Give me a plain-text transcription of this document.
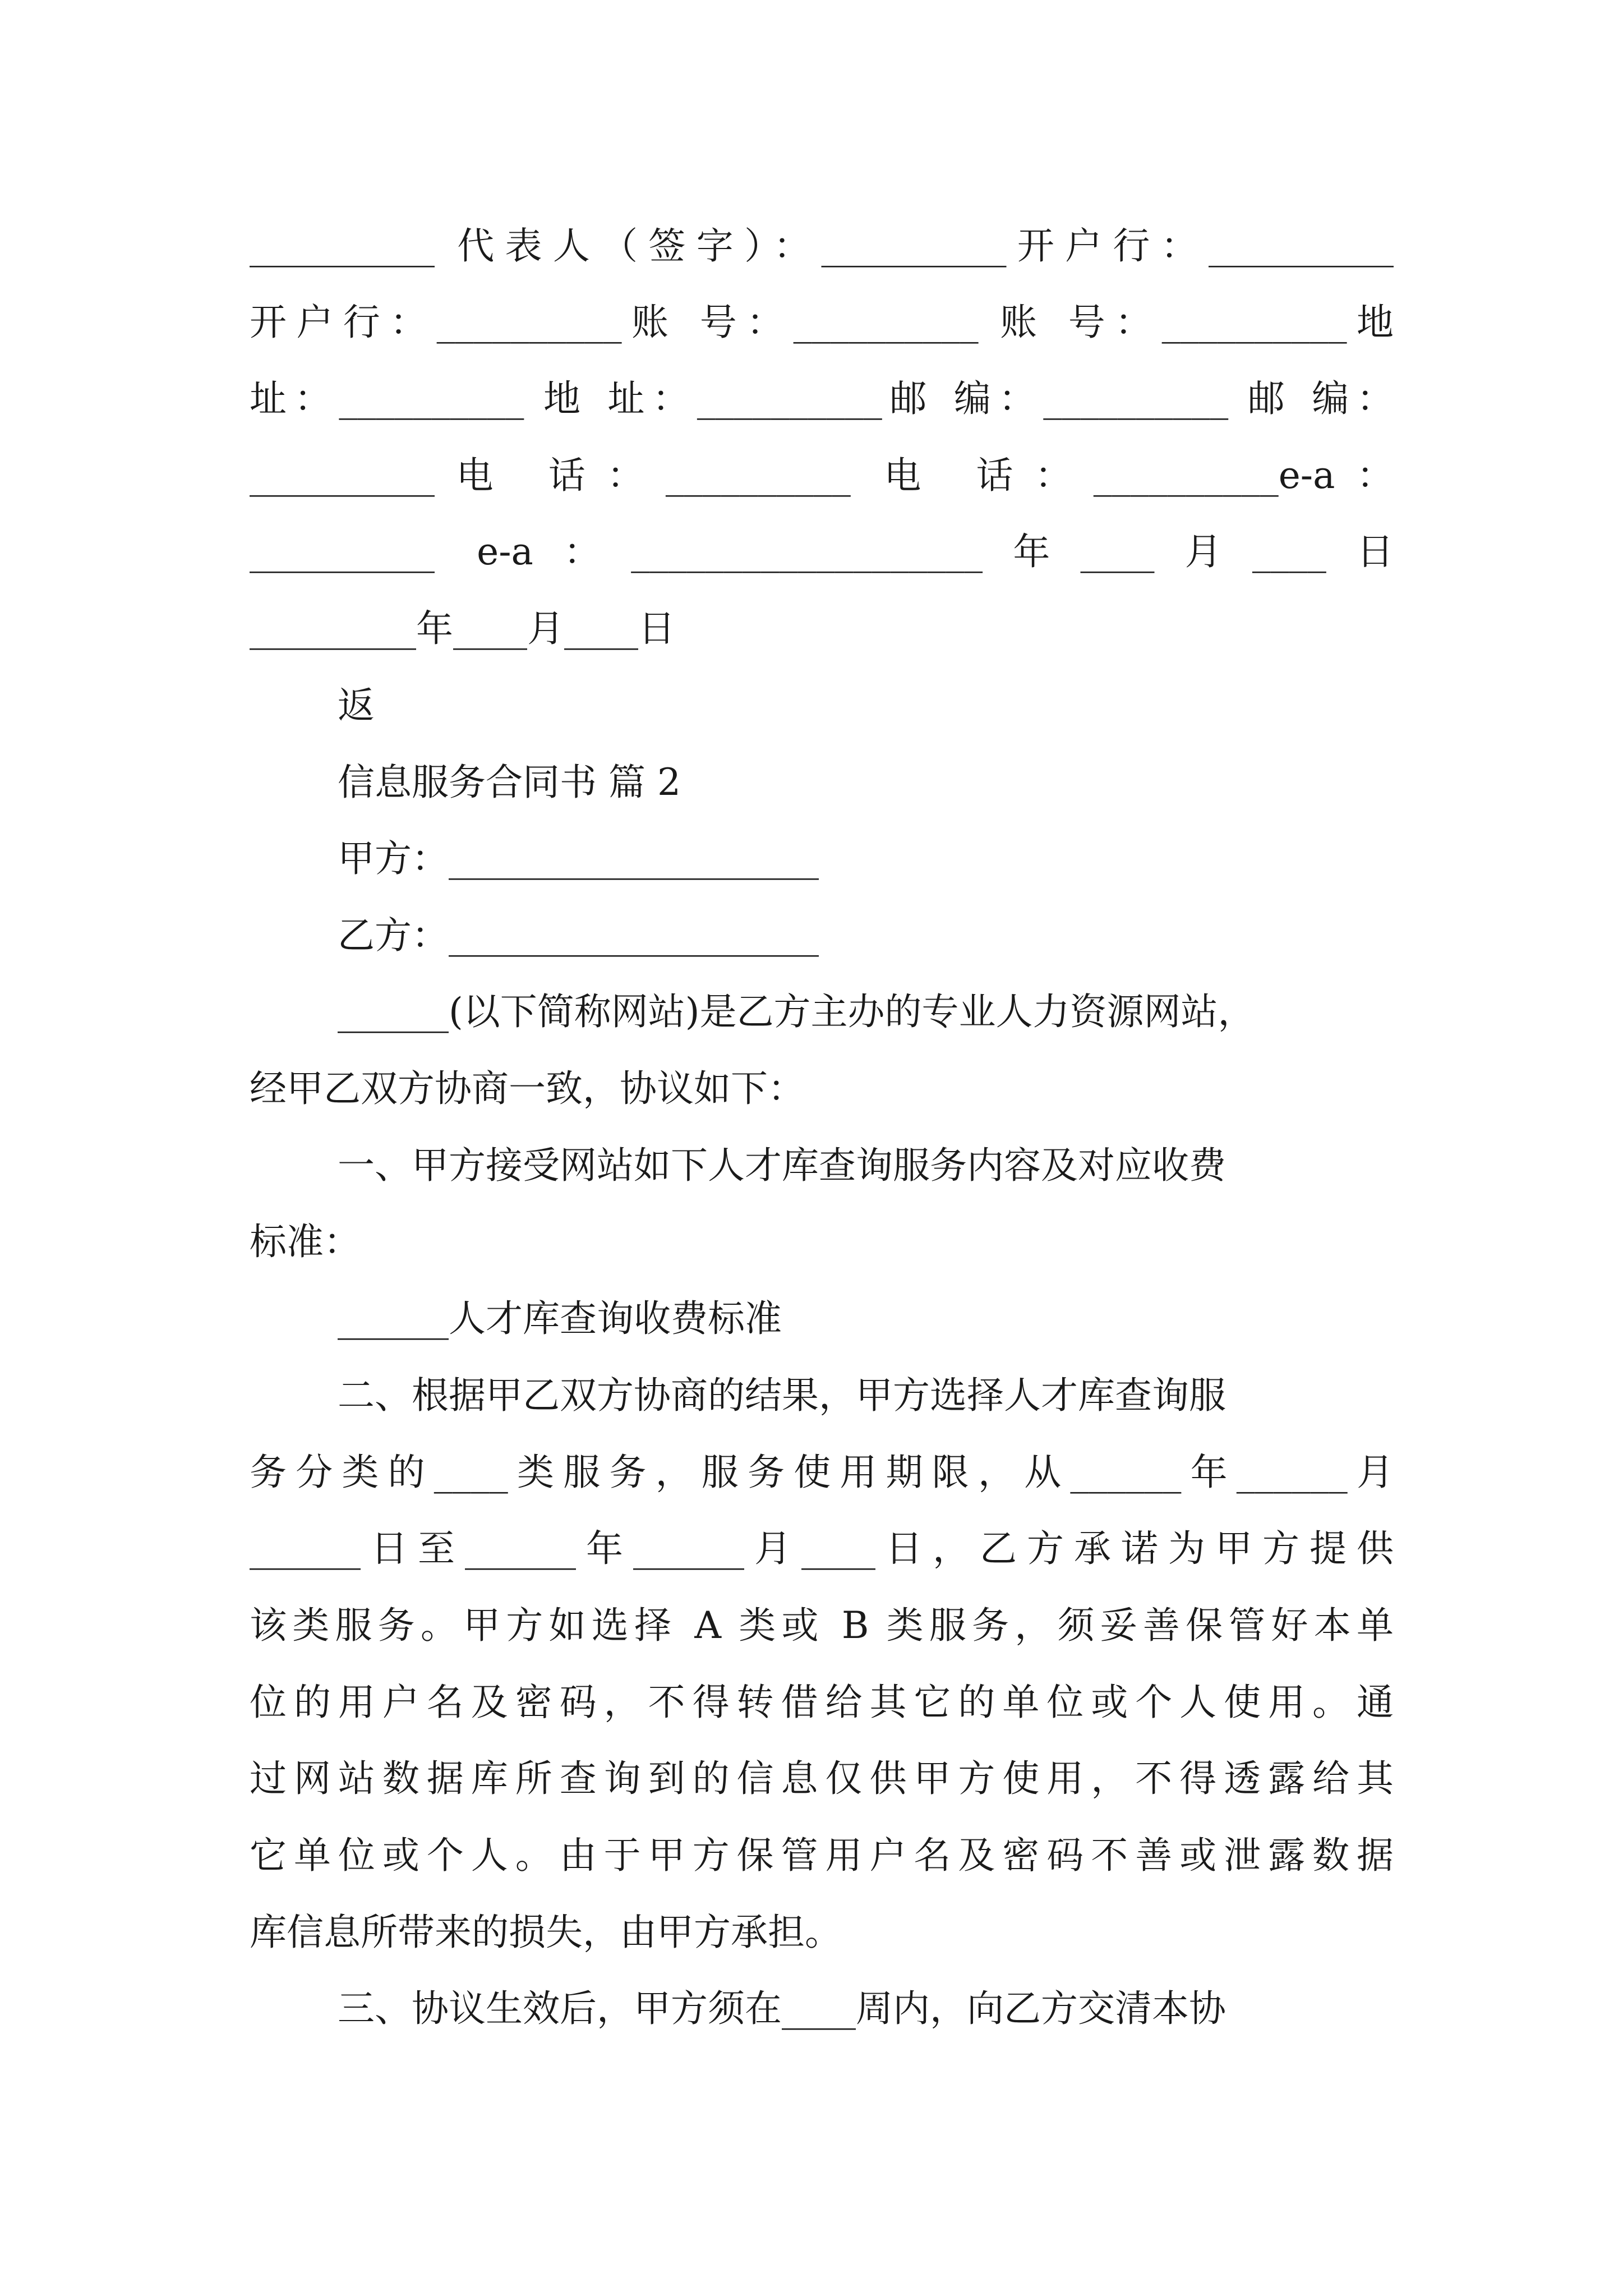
__________ 代表人（签字）：__________开户行：__________
开户行：__________账 号：__________ 账 号：__________地
址：__________ 地 址：__________邮 编：__________ 邮 编：
__________电 话：__________ 电 话：__________e-a：
__________ e-a：___________________年____月____日
_________年____月____日
返
信息服务合同书 篇 2
甲方：____________________
乙方：____________________
______(以下简称网站)是乙方主办的专业人力资源网站，
经甲乙双方协商一致，协议如下：
一、甲方接受网站如下人才库查询服务内容及对应收费
标准：
______人才库查询收费标准
二、根据甲乙双方协商的结果，甲方选择人才库查询服
务分类的____类服务，服务使用期限，从______年______月
______日至______年______月____日，乙方承诺为甲方提供
该类服务。甲方如选择 A 类或 B 类服务，须妥善保管好本单
位的用户名及密码，不得转借给其它的单位或个人使用。通
过网站数据库所查询到的信息仅供甲方使用，不得透露给其
它单位或个人。由于甲方保管用户名及密码不善或泄露数据
库信息所带来的损失，由甲方承担。
三、协议生效后，甲方须在____周内，向乙方交清本协
